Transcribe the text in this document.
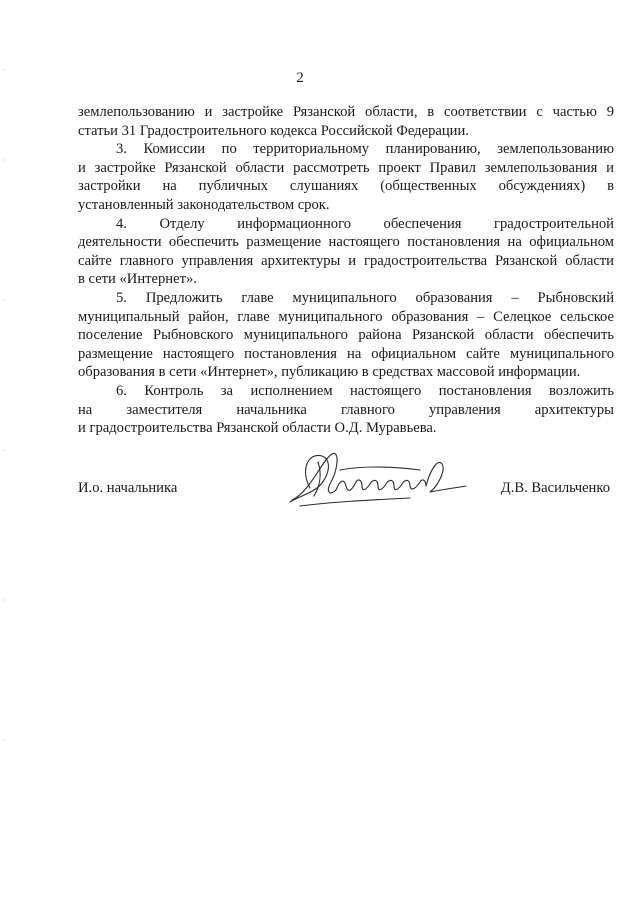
2

землепользованию и застройке Рязанской области, в соответствии с частью 9
статьи 31 Градостроительного кодекса Российской Федерации.

3. Комиссии по территориальному планированию, землепользованию
и застройке Рязанской области рассмотреть проект Правил землепользования и
застройки на публичных слушаниях (общественных обсуждениях) в
установленный законодательством срок.

4. Отделу информационного обеспечения градостроительной
деятельности обеспечить размещение настоящего постановления на официальном
сайте главного управления архитектуры и градостроительства Рязанской области
в сети «Интернет».

5. Предложить главе муниципального образования – Рыбновский
муниципальный район, главе муниципального образования – Селецкое сельское
поселение Рыбновского муниципального района Рязанской области обеспечить
размещение настоящего постановления на официальном сайте муниципального
образования в сети «Интернет», публикацию в средствах массовой информации.

6. Контроль за исполнением настоящего постановления возложить
на заместителя начальника главного управления архитектуры
и градостроительства Рязанской области О.Д. Муравьева.

И.о. начальника	Д.В. Васильченко
